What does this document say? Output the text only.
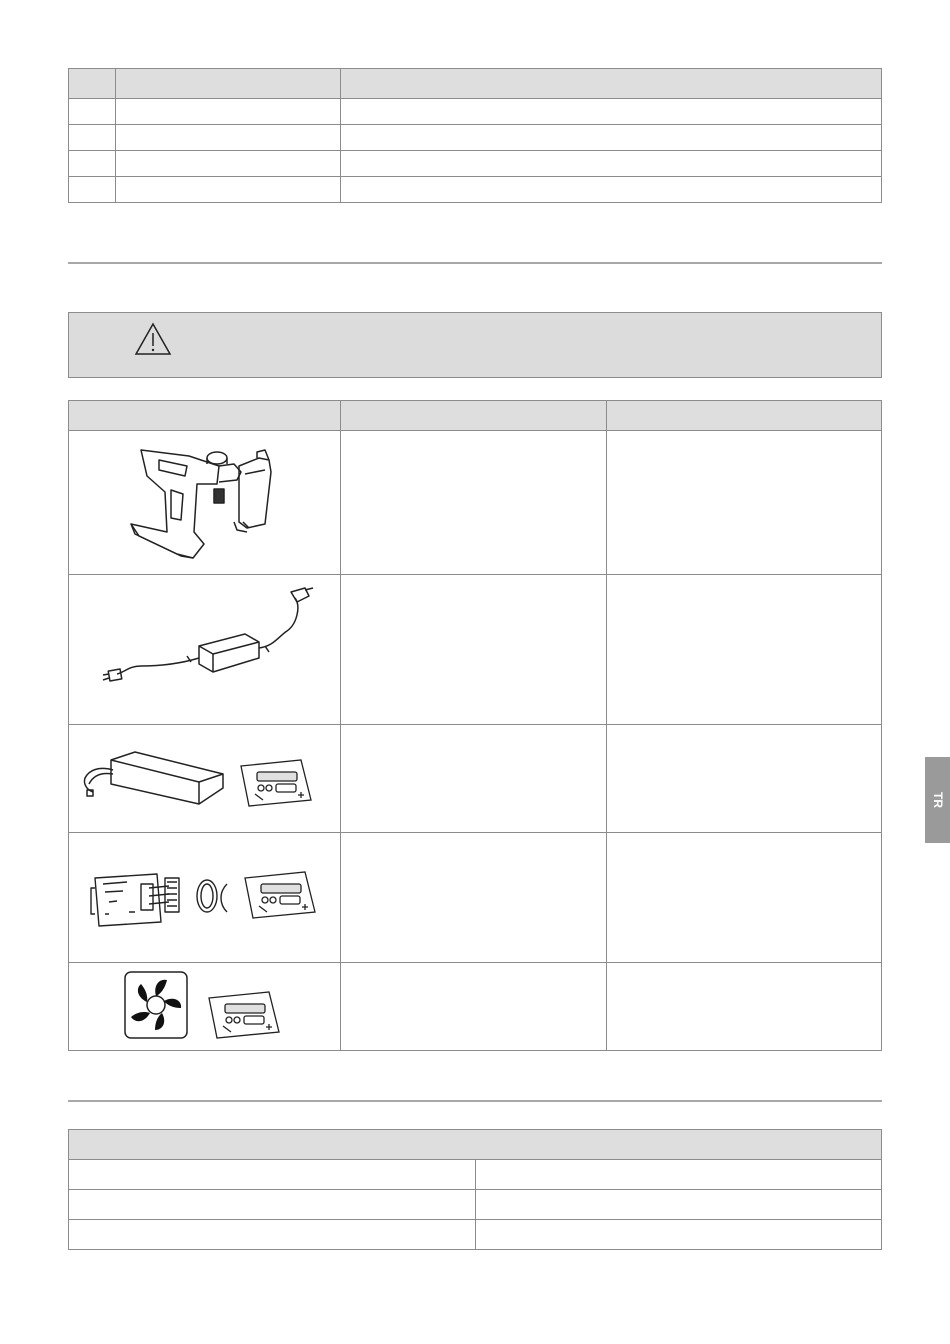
TR
